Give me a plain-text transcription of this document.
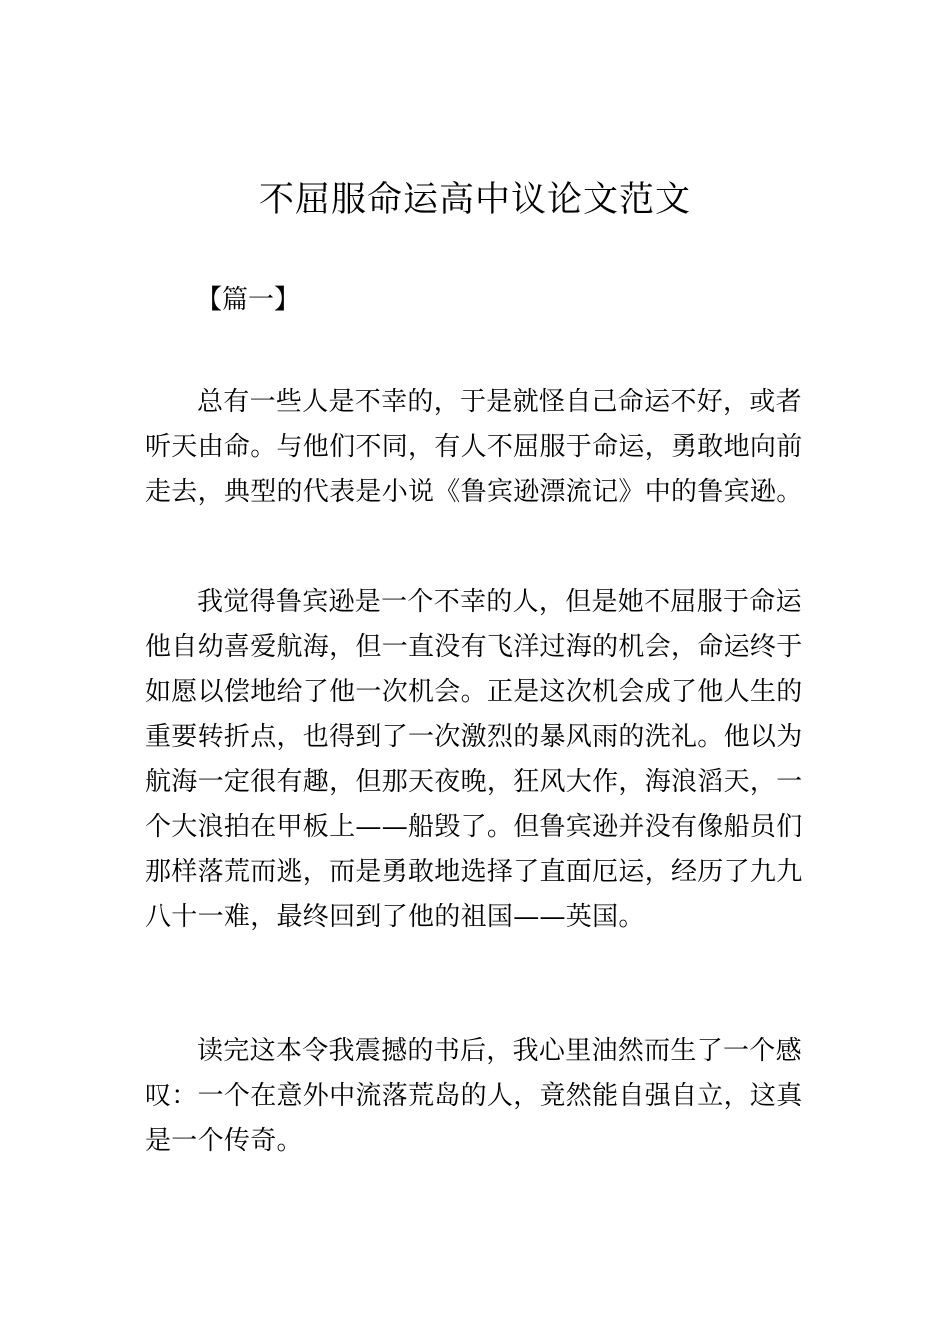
不屈服命运高中议论文范文

【篇一】

总有一些人是不幸的，于是就怪自己命运不好，或者
听天由命。与他们不同，有人不屈服于命运，勇敢地向前
走去，典型的代表是小说《鲁宾逊漂流记》中的鲁宾逊。

我觉得鲁宾逊是一个不幸的人，但是她不屈服于命运
他自幼喜爱航海，但一直没有飞洋过海的机会，命运终于
如愿以偿地给了他一次机会。正是这次机会成了他人生的
重要转折点，也得到了一次激烈的暴风雨的洗礼。他以为
航海一定很有趣，但那天夜晚，狂风大作，海浪滔天，一
个大浪拍在甲板上——船毁了。但鲁宾逊并没有像船员们
那样落荒而逃，而是勇敢地选择了直面厄运，经历了九九
八十一难，最终回到了他的祖国——英国。

读完这本令我震撼的书后，我心里油然而生了一个感
叹：一个在意外中流落荒岛的人，竟然能自强自立，这真
是一个传奇。
